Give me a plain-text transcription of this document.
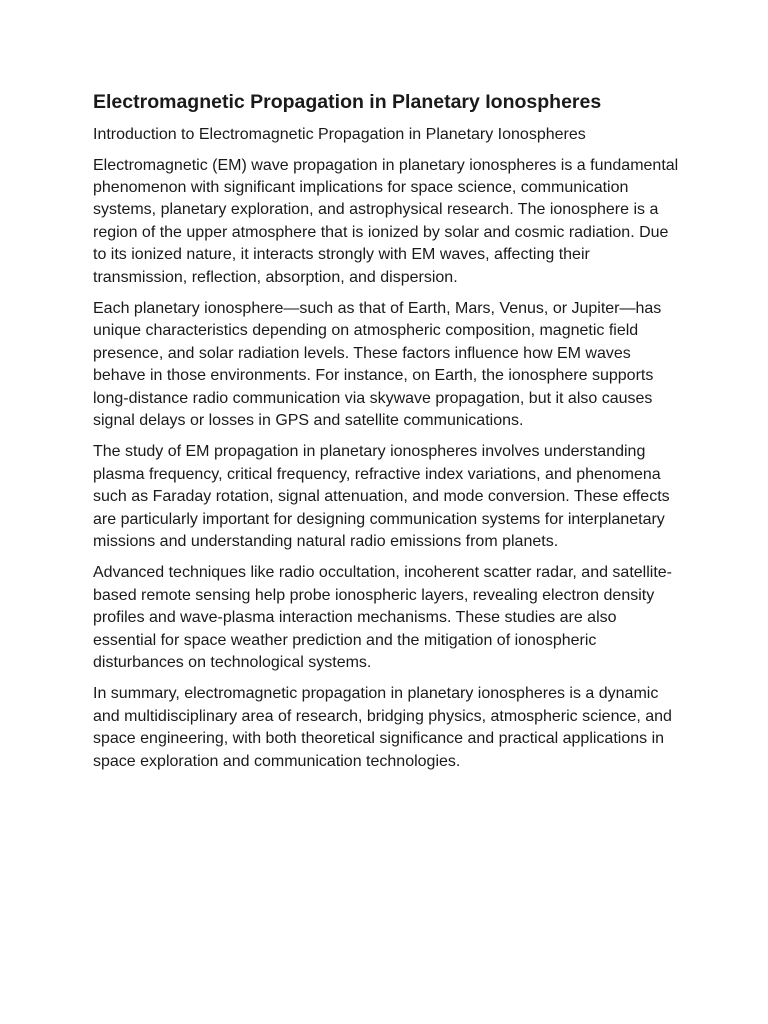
Electromagnetic Propagation in Planetary Ionospheres

Introduction to Electromagnetic Propagation in Planetary Ionospheres

Electromagnetic (EM) wave propagation in planetary ionospheres is a fundamental phenomenon with significant implications for space science, communication systems, planetary exploration, and astrophysical research. The ionosphere is a region of the upper atmosphere that is ionized by solar and cosmic radiation. Due to its ionized nature, it interacts strongly with EM waves, affecting their transmission, reflection, absorption, and dispersion.

Each planetary ionosphere—such as that of Earth, Mars, Venus, or Jupiter—has unique characteristics depending on atmospheric composition, magnetic field presence, and solar radiation levels. These factors influence how EM waves behave in those environments. For instance, on Earth, the ionosphere supports long-distance radio communication via skywave propagation, but it also causes signal delays or losses in GPS and satellite communications.

The study of EM propagation in planetary ionospheres involves understanding plasma frequency, critical frequency, refractive index variations, and phenomena such as Faraday rotation, signal attenuation, and mode conversion. These effects are particularly important for designing communication systems for interplanetary missions and understanding natural radio emissions from planets.

Advanced techniques like radio occultation, incoherent scatter radar, and satellite-based remote sensing help probe ionospheric layers, revealing electron density profiles and wave-plasma interaction mechanisms. These studies are also essential for space weather prediction and the mitigation of ionospheric disturbances on technological systems.

In summary, electromagnetic propagation in planetary ionospheres is a dynamic and multidisciplinary area of research, bridging physics, atmospheric science, and space engineering, with both theoretical significance and practical applications in space exploration and communication technologies.
